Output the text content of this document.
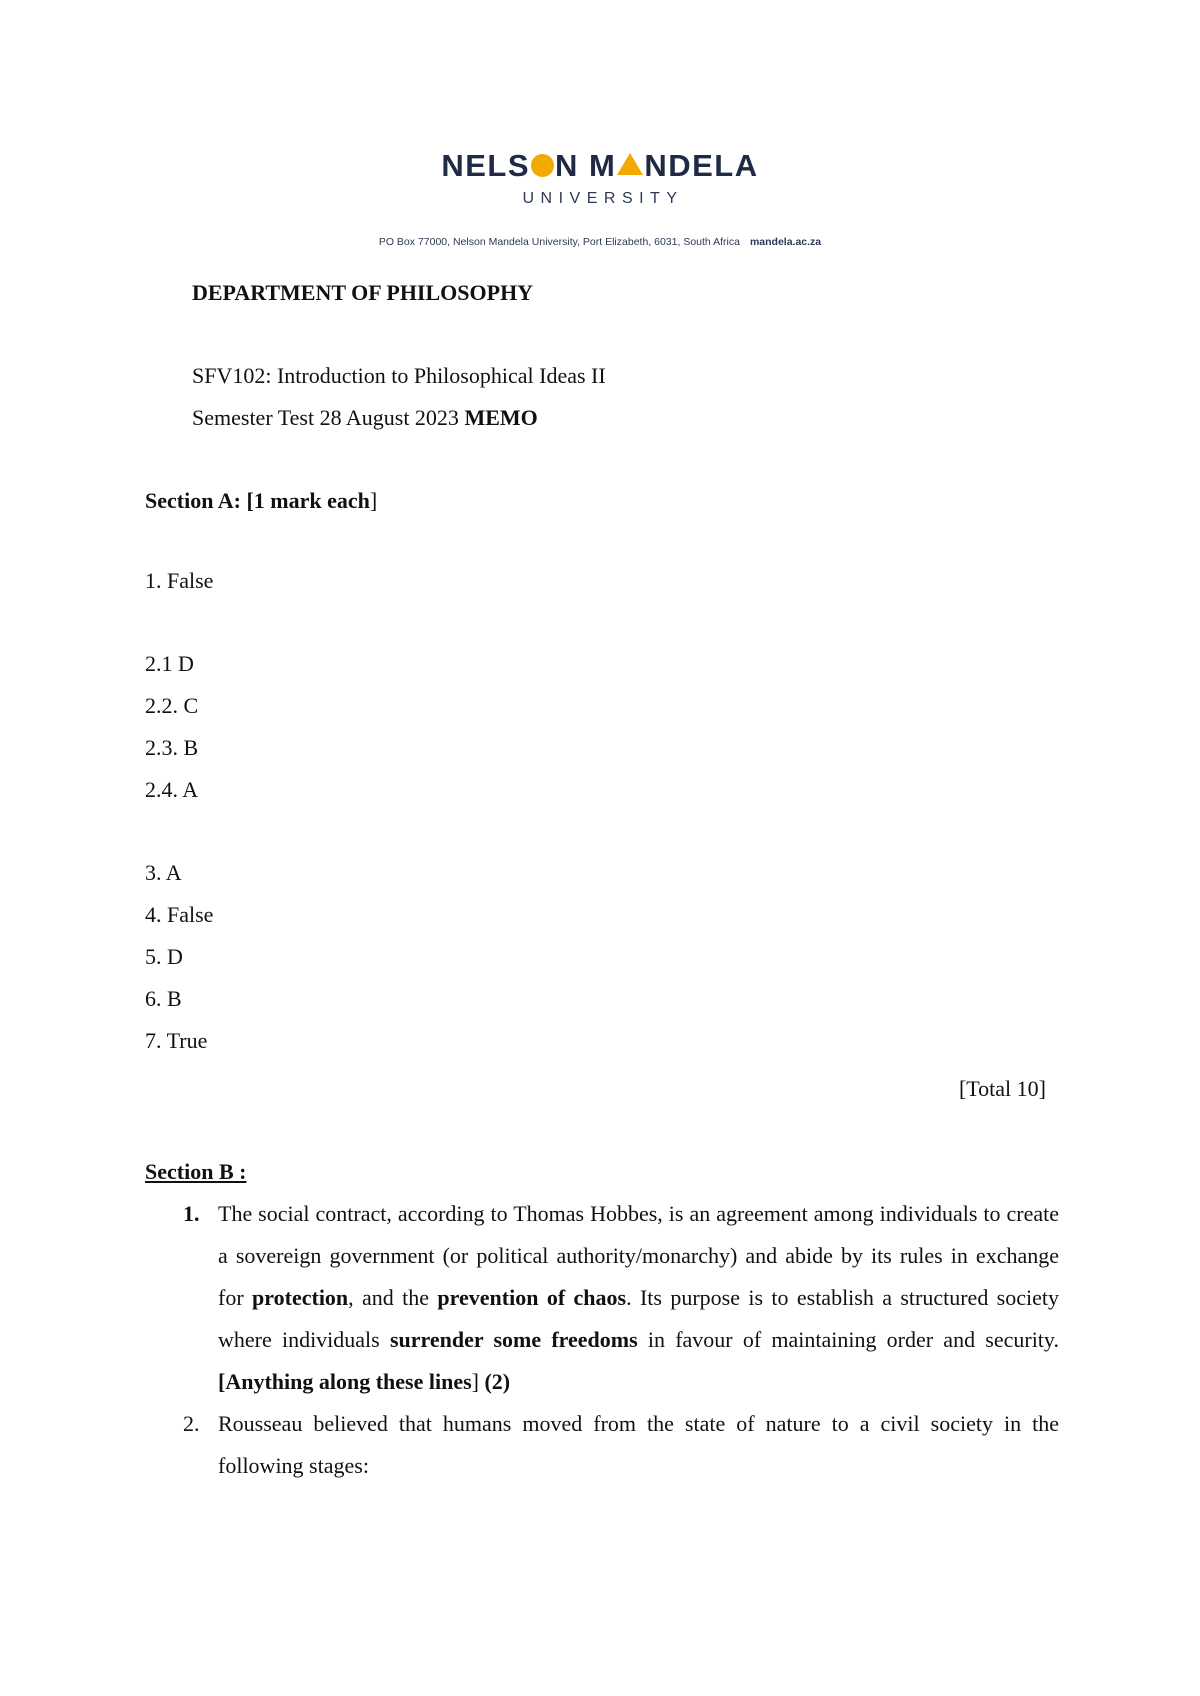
NELS N M NDELA
UNIVERSITY
PO Box 77000, Nelson Mandela University, Port Elizabeth, 6031, South Africa mandela.ac.za
DEPARTMENT OF PHILOSOPHY
SFV102: Introduction to Philosophical Ideas II
Semester Test 28 August 2023 MEMO
Section A: [1 mark each]
1. False
2.1 D
2.2. C
2.3. B
2.4. A
3. A
4. False
5. D
6. B
7. True
[Total 10]
Section B :
1. The social contract, according to Thomas Hobbes, is an agreement among individuals to create a sovereign government (or political authority/monarchy) and abide by its rules in exchange for protection, and the prevention of chaos. Its purpose is to establish a structured society where individuals surrender some freedoms in favour of maintaining order and security. [Anything along these lines] (2)
2. Rousseau believed that humans moved from the state of nature to a civil society in the following stages:
